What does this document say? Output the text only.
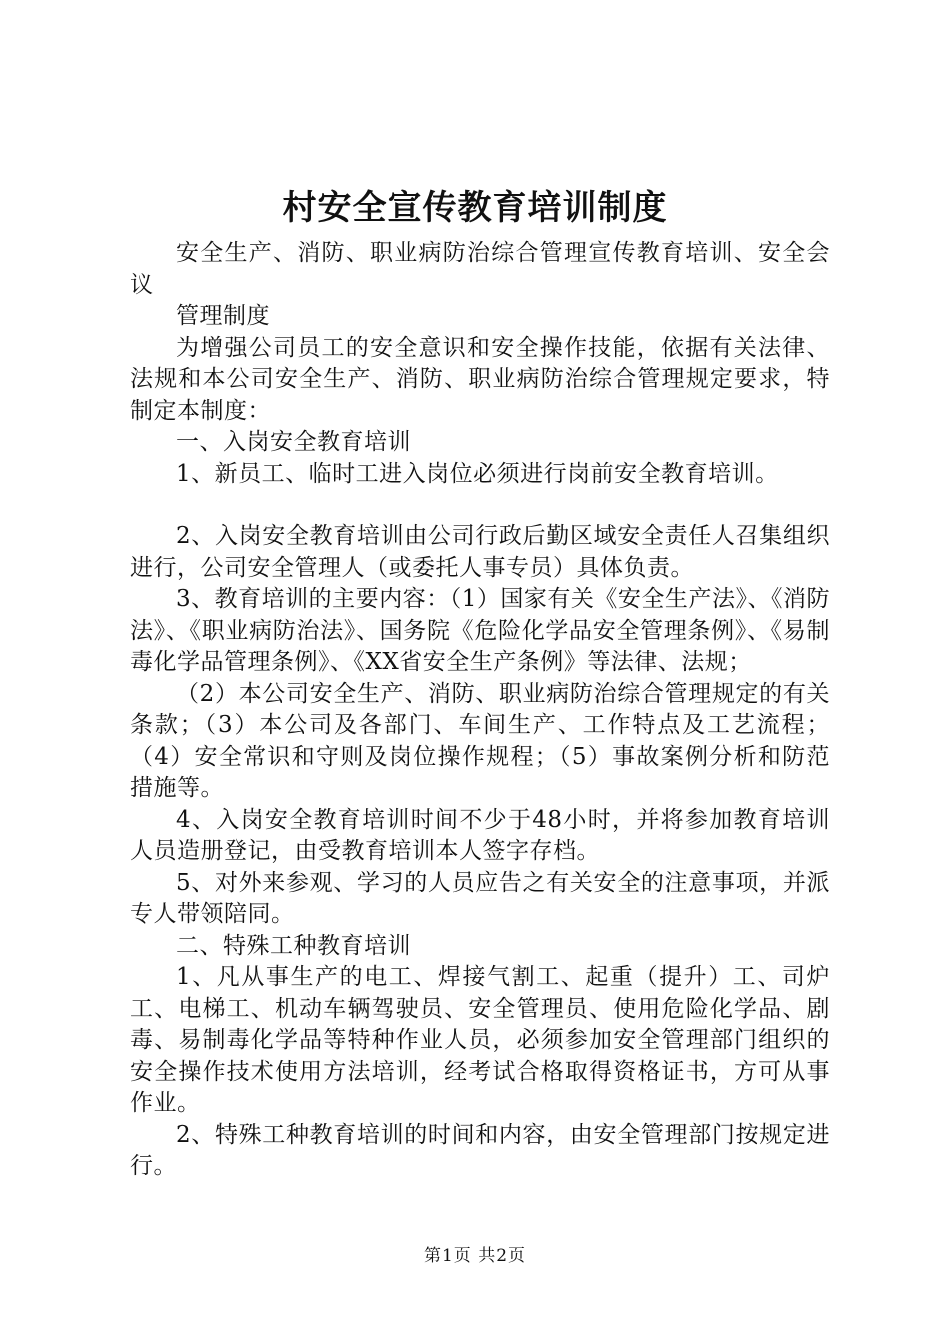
村安全宣传教育培训制度

安全生产、消防、职业病防治综合管理宣传教育培训、安全会议

管理制度

为增强公司员工的安全意识和安全操作技能，依据有关法律、法规和本公司安全生产、消防、职业病防治综合管理规定要求，特制定本制度：

一、入岗安全教育培训

1、新员工、临时工进入岗位必须进行岗前安全教育培训。

2、入岗安全教育培训由公司行政后勤区域安全责任人召集组织进行，公司安全管理人（或委托人事专员）具体负责。

3、教育培训的主要内容：（1）国家有关《安全生产法》、《消防法》、《职业病防治法》、国务院《危险化学品安全管理条例》、《易制毒化学品管理条例》、《XX省安全生产条例》等法律、法规；

（2）本公司安全生产、消防、职业病防治综合管理规定的有关条款；（3）本公司及各部门、车间生产、工作特点及工艺流程；（4）安全常识和守则及岗位操作规程；（5）事故案例分析和防范措施等。

4、入岗安全教育培训时间不少于48小时，并将参加教育培训人员造册登记，由受教育培训本人签字存档。

5、对外来参观、学习的人员应告之有关安全的注意事项，并派专人带领陪同。

二、特殊工种教育培训

1、凡从事生产的电工、焊接气割工、起重（提升）工、司炉工、电梯工、机动车辆驾驶员、安全管理员、使用危险化学品、剧毒、易制毒化学品等特种作业人员，必须参加安全管理部门组织的安全操作技术使用方法培训，经考试合格取得资格证书，方可从事作业。

2、特殊工种教育培训的时间和内容，由安全管理部门按规定进行。

第1页 共2页
